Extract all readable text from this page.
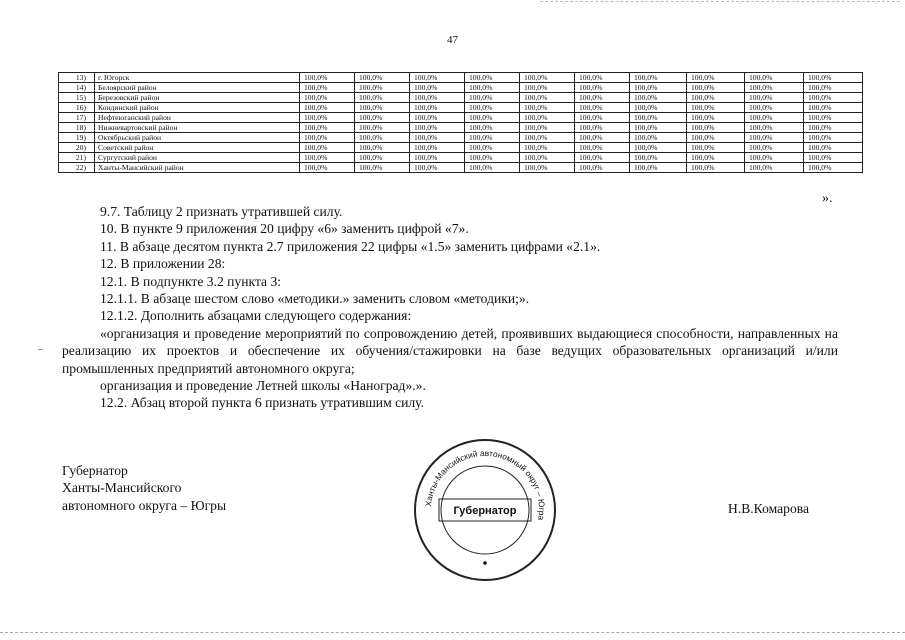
47
13)	г. Югорск	100,0%	100,0%	100,0%	100,0%	100,0%	100,0%	100,0%	100,0%	100,0%	100,0%
14)	Белоярский район	100,0%	100,0%	100,0%	100,0%	100,0%	100,0%	100,0%	100,0%	100,0%	100,0%
15)	Березовский район	100,0%	100,0%	100,0%	100,0%	100,0%	100,0%	100,0%	100,0%	100,0%	100,0%
16)	Кондинский район	100,0%	100,0%	100,0%	100,0%	100,0%	100,0%	100,0%	100,0%	100,0%	100,0%
17)	Нефтеюганский район	100,0%	100,0%	100,0%	100,0%	100,0%	100,0%	100,0%	100,0%	100,0%	100,0%
18)	Нижневартовский район	100,0%	100,0%	100,0%	100,0%	100,0%	100,0%	100,0%	100,0%	100,0%	100,0%
19)	Октябрьский район	100,0%	100,0%	100,0%	100,0%	100,0%	100,0%	100,0%	100,0%	100,0%	100,0%
20)	Советский район	100,0%	100,0%	100,0%	100,0%	100,0%	100,0%	100,0%	100,0%	100,0%	100,0%
21)	Сургутский район	100,0%	100,0%	100,0%	100,0%	100,0%	100,0%	100,0%	100,0%	100,0%	100,0%
22)	Ханты-Мансийский район	100,0%	100,0%	100,0%	100,0%	100,0%	100,0%	100,0%	100,0%	100,0%	100,0%
».

9.7. Таблицу 2 признать утратившей силу.

10. В пункте 9 приложения 20 цифру «6» заменить цифрой «7».

11. В абзаце десятом пункта 2.7 приложения 22 цифры «1.5» заменить цифрами «2.1».

12. В приложении 28:

12.1. В подпункте 3.2 пункта 3:

12.1.1. В абзаце шестом слово «методики.» заменить словом «методики;».

12.1.2. Дополнить абзацами следующего содержания:

«организация и проведение мероприятий по сопровождению детей, проявивших выдающиеся способности, направленных на реализацию их проектов и обеспечение их обучения/стажировки на базе ведущих образовательных организаций и/или промышленных предприятий автономного округа;

организация и проведение Летней школы «Наноград».».

12.2. Абзац второй пункта 6 признать утратившим силу.

Губернатор
Ханты-Мансийского
автономного округа – Югры	Ханты-Мансийский автономный округ – Югра
Губернатор	Н.В.Комарова
